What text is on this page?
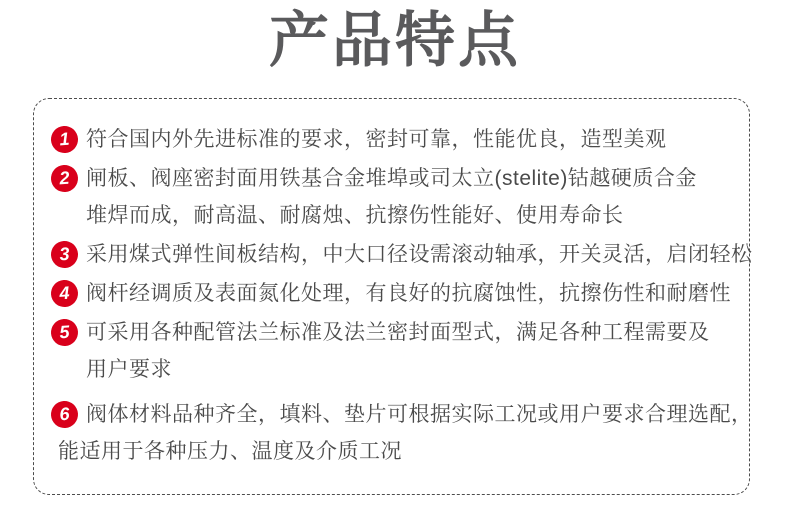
产品特点
1 符合国内外先进标准的要求，密封可靠，性能优良，造型美观
2 闸板、阀座密封面用铁基合金堆埠或司太立(stelite)钴越硬质合金
堆焊而成，耐高温、耐腐烛、抗擦伤性能好、使用寿命长
3 采用煤式弹性间板结构，中大口径设需滚动轴承，开关灵活，启闭轻松
4 阀杆经调质及表面氮化处理，有良好的抗腐蚀性，抗擦伤性和耐磨性
5 可采用各种配管法兰标准及法兰密封面型式，满足各种工程需要及
用户要求
6 阀体材料品种齐全，填料、垫片可根据实际工况或用户要求合理选配，
能适用于各种压力、温度及介质工况
